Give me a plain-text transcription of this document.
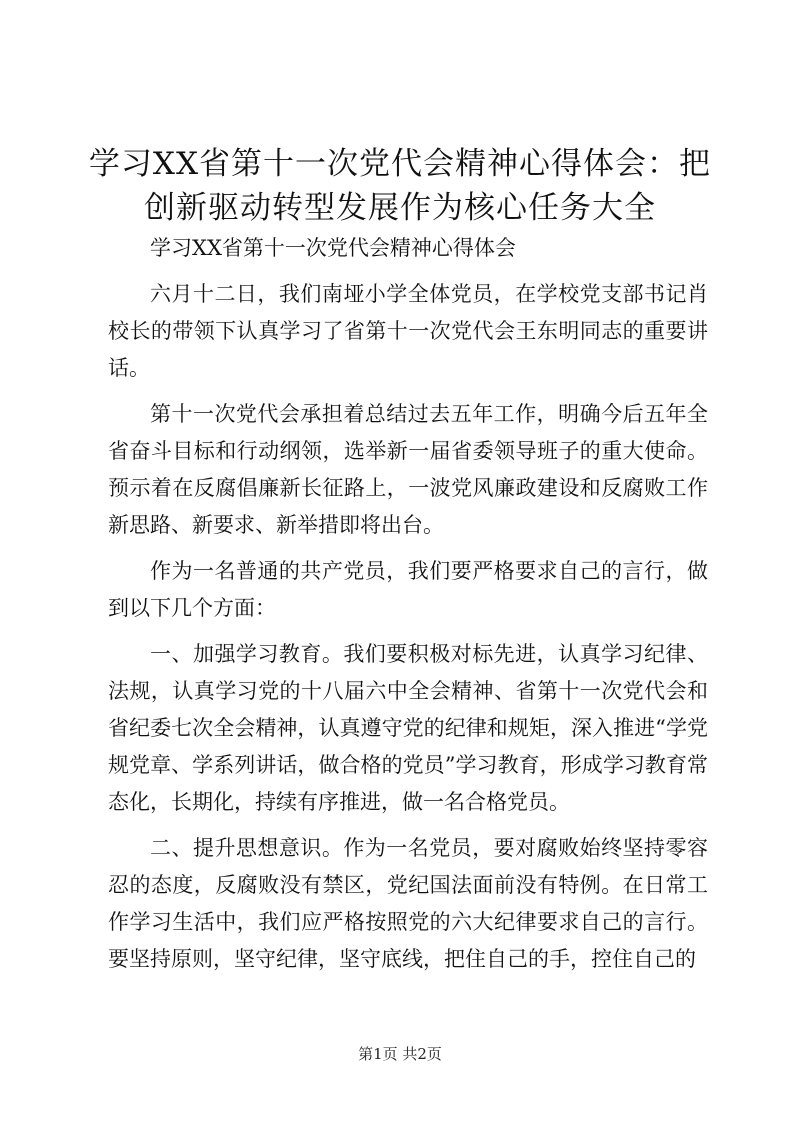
学习XX省第十一次党代会精神心得体会：把
创新驱动转型发展作为核心任务大全

学习XX省第十一次党代会精神心得体会

六月十二日，我们南垭小学全体党员，在学校党支部书记肖校长的带领下认真学习了省第十一次党代会王东明同志的重要讲话。

第十一次党代会承担着总结过去五年工作，明确今后五年全省奋斗目标和行动纲领，选举新一届省委领导班子的重大使命。预示着在反腐倡廉新长征路上，一波党风廉政建设和反腐败工作新思路、新要求、新举措即将出台。

作为一名普通的共产党员，我们要严格要求自己的言行，做到以下几个方面：

一、加强学习教育。我们要积极对标先进，认真学习纪律、法规，认真学习党的十八届六中全会精神、省第十一次党代会和省纪委七次全会精神，认真遵守党的纪律和规矩，深入推进“学党规党章、学系列讲话，做合格的党员”学习教育，形成学习教育常态化，长期化，持续有序推进，做一名合格党员。

二、提升思想意识。作为一名党员，要对腐败始终坚持零容忍的态度，反腐败没有禁区，党纪国法面前没有特例。在日常工作学习生活中，我们应严格按照党的六大纪律要求自己的言行。要坚持原则，坚守纪律，坚守底线，把住自己的手，控住自己的

第1页 共2页
